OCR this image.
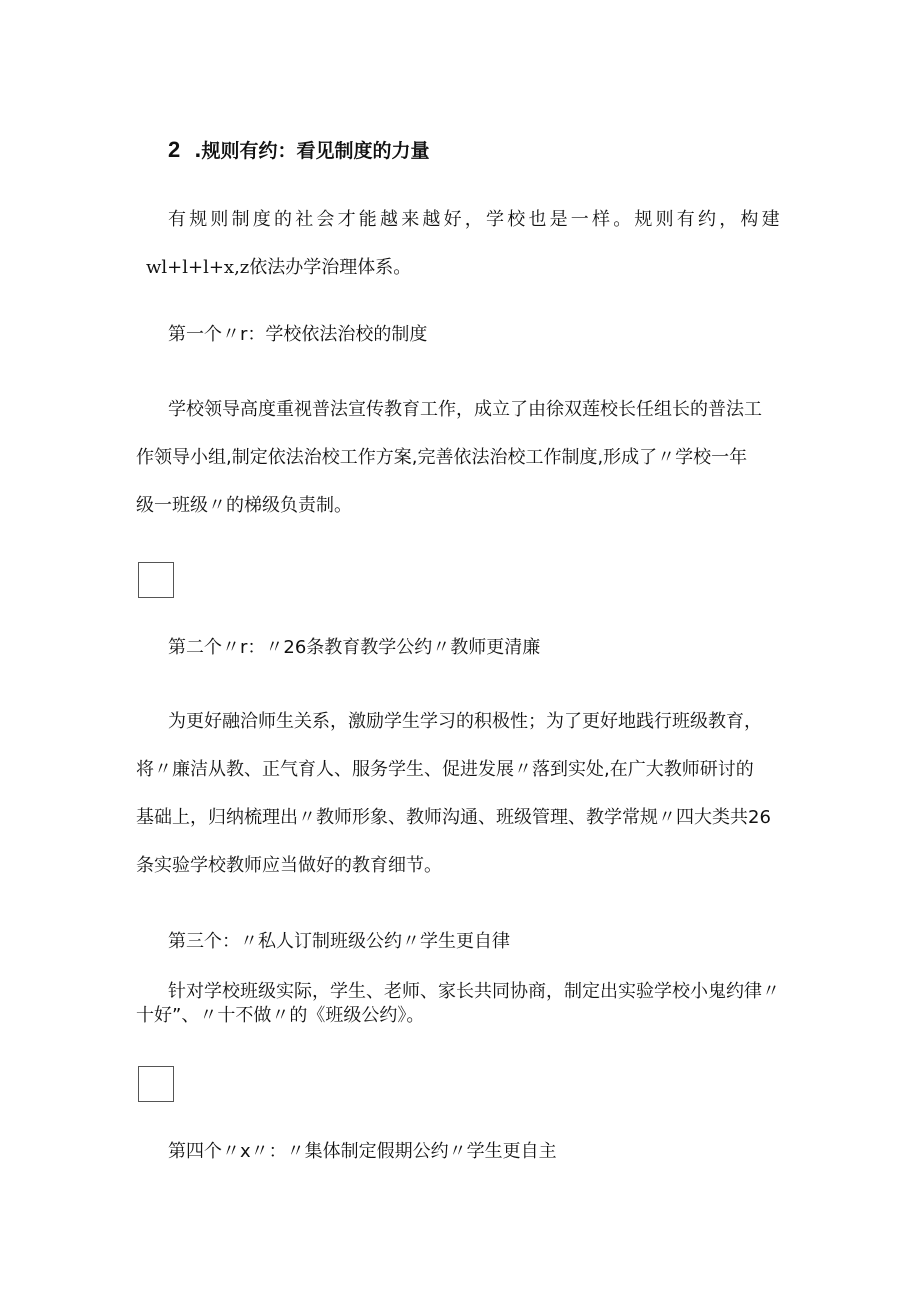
2 .规则有约：看见制度的力量

有规则制度的社会才能越来越好，学校也是一样。规则有约，构建

wl+l+l+x,z依法办学治理体系。

第一个〃r：学校依法治校的制度

学校领导高度重视普法宣传教育工作，成立了由徐双莲校长任组长的普法工

作领导小组,制定依法治校工作方案,完善依法治校工作制度,形成了〃学校一年

级一班级〃的梯级负责制。

第二个〃r：〃26条教育教学公约〃教师更清廉

为更好融洽师生关系，激励学生学习的积极性；为了更好地践行班级教育，

将〃廉洁从教、正气育人、服务学生、促进发展〃落到实处,在广大教师研讨的

基础上，归纳梳理出〃教师形象、教师沟通、班级管理、教学常规〃四大类共26

条实验学校教师应当做好的教育细节。

第三个：〃私人订制班级公约〃学生更自律

针对学校班级实际，学生、老师、家长共同协商，制定出实验学校小鬼约律〃

十好”、〃十不做〃的《班级公约》。

第四个〃x〃：〃集体制定假期公约〃学生更自主
